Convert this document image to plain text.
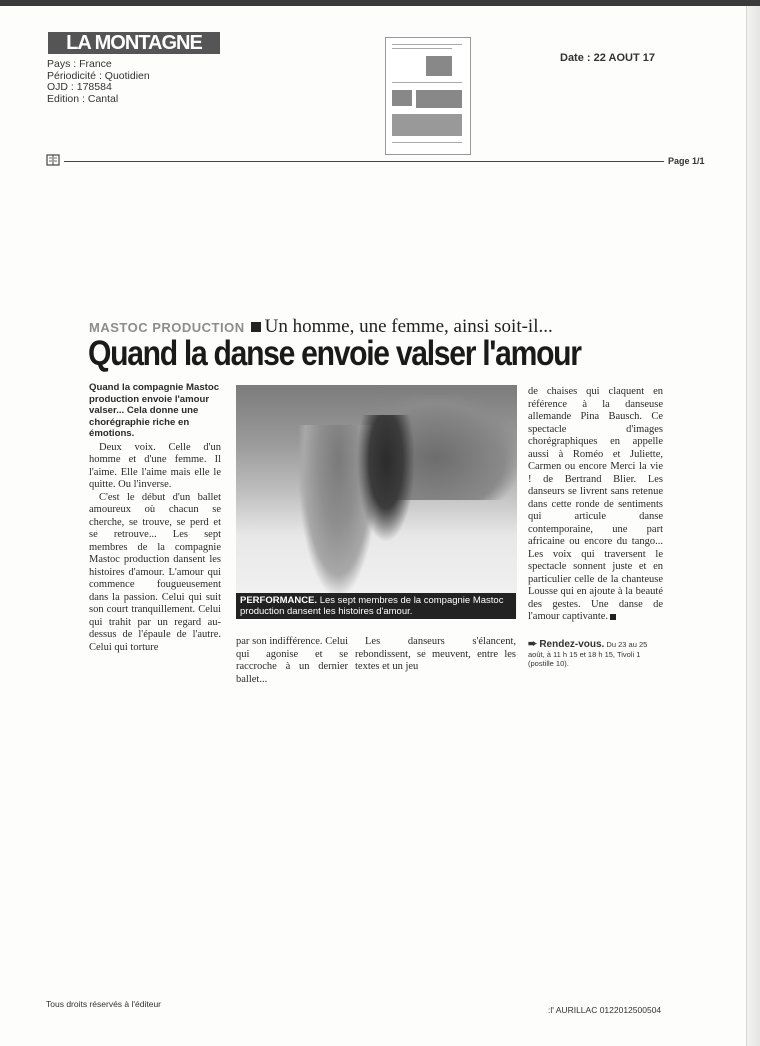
LA MONTAGNE
Pays : France
Périodicité : Quotidien
OJD : 178584
Edition : Cantal
Date : 22 AOUT 17
Page 1/1
MASTOC PRODUCTION Un homme, une femme, ainsi soit-il...
Quand la danse envoie valser l'amour
Quand la compagnie Mastoc production envoie l'amour valser... Cela donne une chorégraphie riche en émotions.

Deux voix. Celle d'un homme et d'une femme. Il l'aime. Elle l'aime mais elle le quitte. Ou l'inverse.

C'est le début d'un ballet amoureux où chacun se cherche, se trouve, se perd et se retrouve... Les sept membres de la compagnie Mastoc production dansent les histoires d'amour. L'amour qui commence fougueusement dans la passion. Celui qui suit son court tranquillement. Celui qui trahit par un regard au-dessus de l'épaule de l'autre. Celui qui torture

PERFORMANCE. Les sept membres de la compagnie Mastoc production dansent les histoires d'amour.

par son indifférence. Celui qui agonise et se raccroche à un dernier ballet...

Les danseurs s'élancent, rebondissent, se meuvent, entre les textes et un jeu

de chaises qui claquent en référence à la danseuse allemande Pina Bausch. Ce spectacle d'images chorégraphiques en appelle aussi à Roméo et Juliette, Carmen ou encore Merci la vie ! de Bertrand Blier. Les danseurs se livrent sans retenue dans cette ronde de sentiments qui articule danse contemporaine, une part africaine ou encore du tango... Les voix qui traversent le spectacle sonnent juste et en particulier celle de la chanteuse Lousse qui en ajoute à la beauté des gestes. Une danse de l'amour captivante.

➨ Rendez-vous. Du 23 au 25 août, à 11 h 15 et 18 h 15, Tivoli 1 (postille 10).
Tous droits réservés à l'éditeur
:l' AURILLAC 0122012500504
